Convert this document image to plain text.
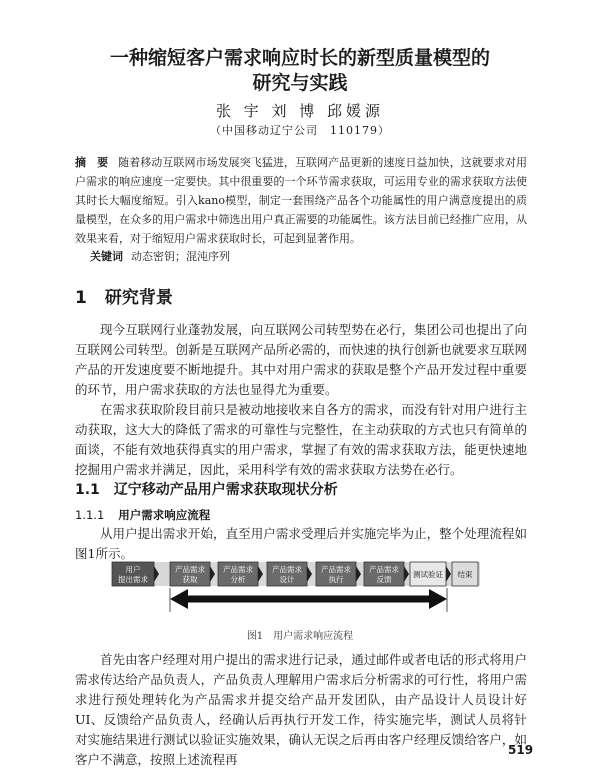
一种缩短客户需求响应时长的新型质量模型的
研究与实践
张 宇 刘 博 邱媛源
（中国移动辽宁公司　110179）
摘　要 随着移动互联网市场发展突飞猛进，互联网产品更新的速度日益加快，这就要求对用户需求的响应速度一定要快。其中很重要的一个环节需求获取，可运用专业的需求获取方法使其时长大幅度缩短。引入kano模型，制定一套围绕产品各个功能属性的用户满意度提出的质量模型，在众多的用户需求中筛选出用户真正需要的功能属性。该方法目前已经推广应用，从效果来看，对于缩短用户需求获取时长，可起到显著作用。
关键词 动态密钥；混沌序列
1 研究背景
现今互联网行业蓬勃发展，向互联网公司转型势在必行，集团公司也提出了向互联网公司转型。创新是互联网产品所必需的，而快速的执行创新也就要求互联网产品的开发速度要不断地提升。其中对用户需求的获取是整个产品开发过程中重要的环节，用户需求获取的方法也显得尤为重要。
在需求获取阶段目前只是被动地接收来自各方的需求，而没有针对用户进行主动获取，这大大的降低了需求的可靠性与完整性，在主动获取的方式也只有简单的面谈，不能有效地获得真实的用户需求，掌握了有效的需求获取方法，能更快速地挖掘用户需求并满足，因此，采用科学有效的需求获取方法势在必行。
1.1 辽宁移动产品用户需求获取现状分析
1.1.1 用户需求响应流程
从用户提出需求开始，直至用户需求受理后并实施完毕为止，整个处理流程如图1所示。
用户
提出需求
产品需求
获取
产品需求
分析
产品需求
设计
产品需求
执行
产品需求
反馈
测试验证 结束
图1　用户需求响应流程
首先由客户经理对用户提出的需求进行记录，通过邮件或者电话的形式将用户需求传达给产品负责人，产品负责人理解用户需求后分析需求的可行性，将用户需求进行预处理转化为产品需求并提交给产品开发团队，由产品设计人员设计好UI、反馈给产品负责人，经确认后再执行开发工作，待实施完毕，测试人员将针对实施结果进行测试以验证实施效果，确认无误之后再由客户经理反馈给客户，如客户不满意，按照上述流程再
519
